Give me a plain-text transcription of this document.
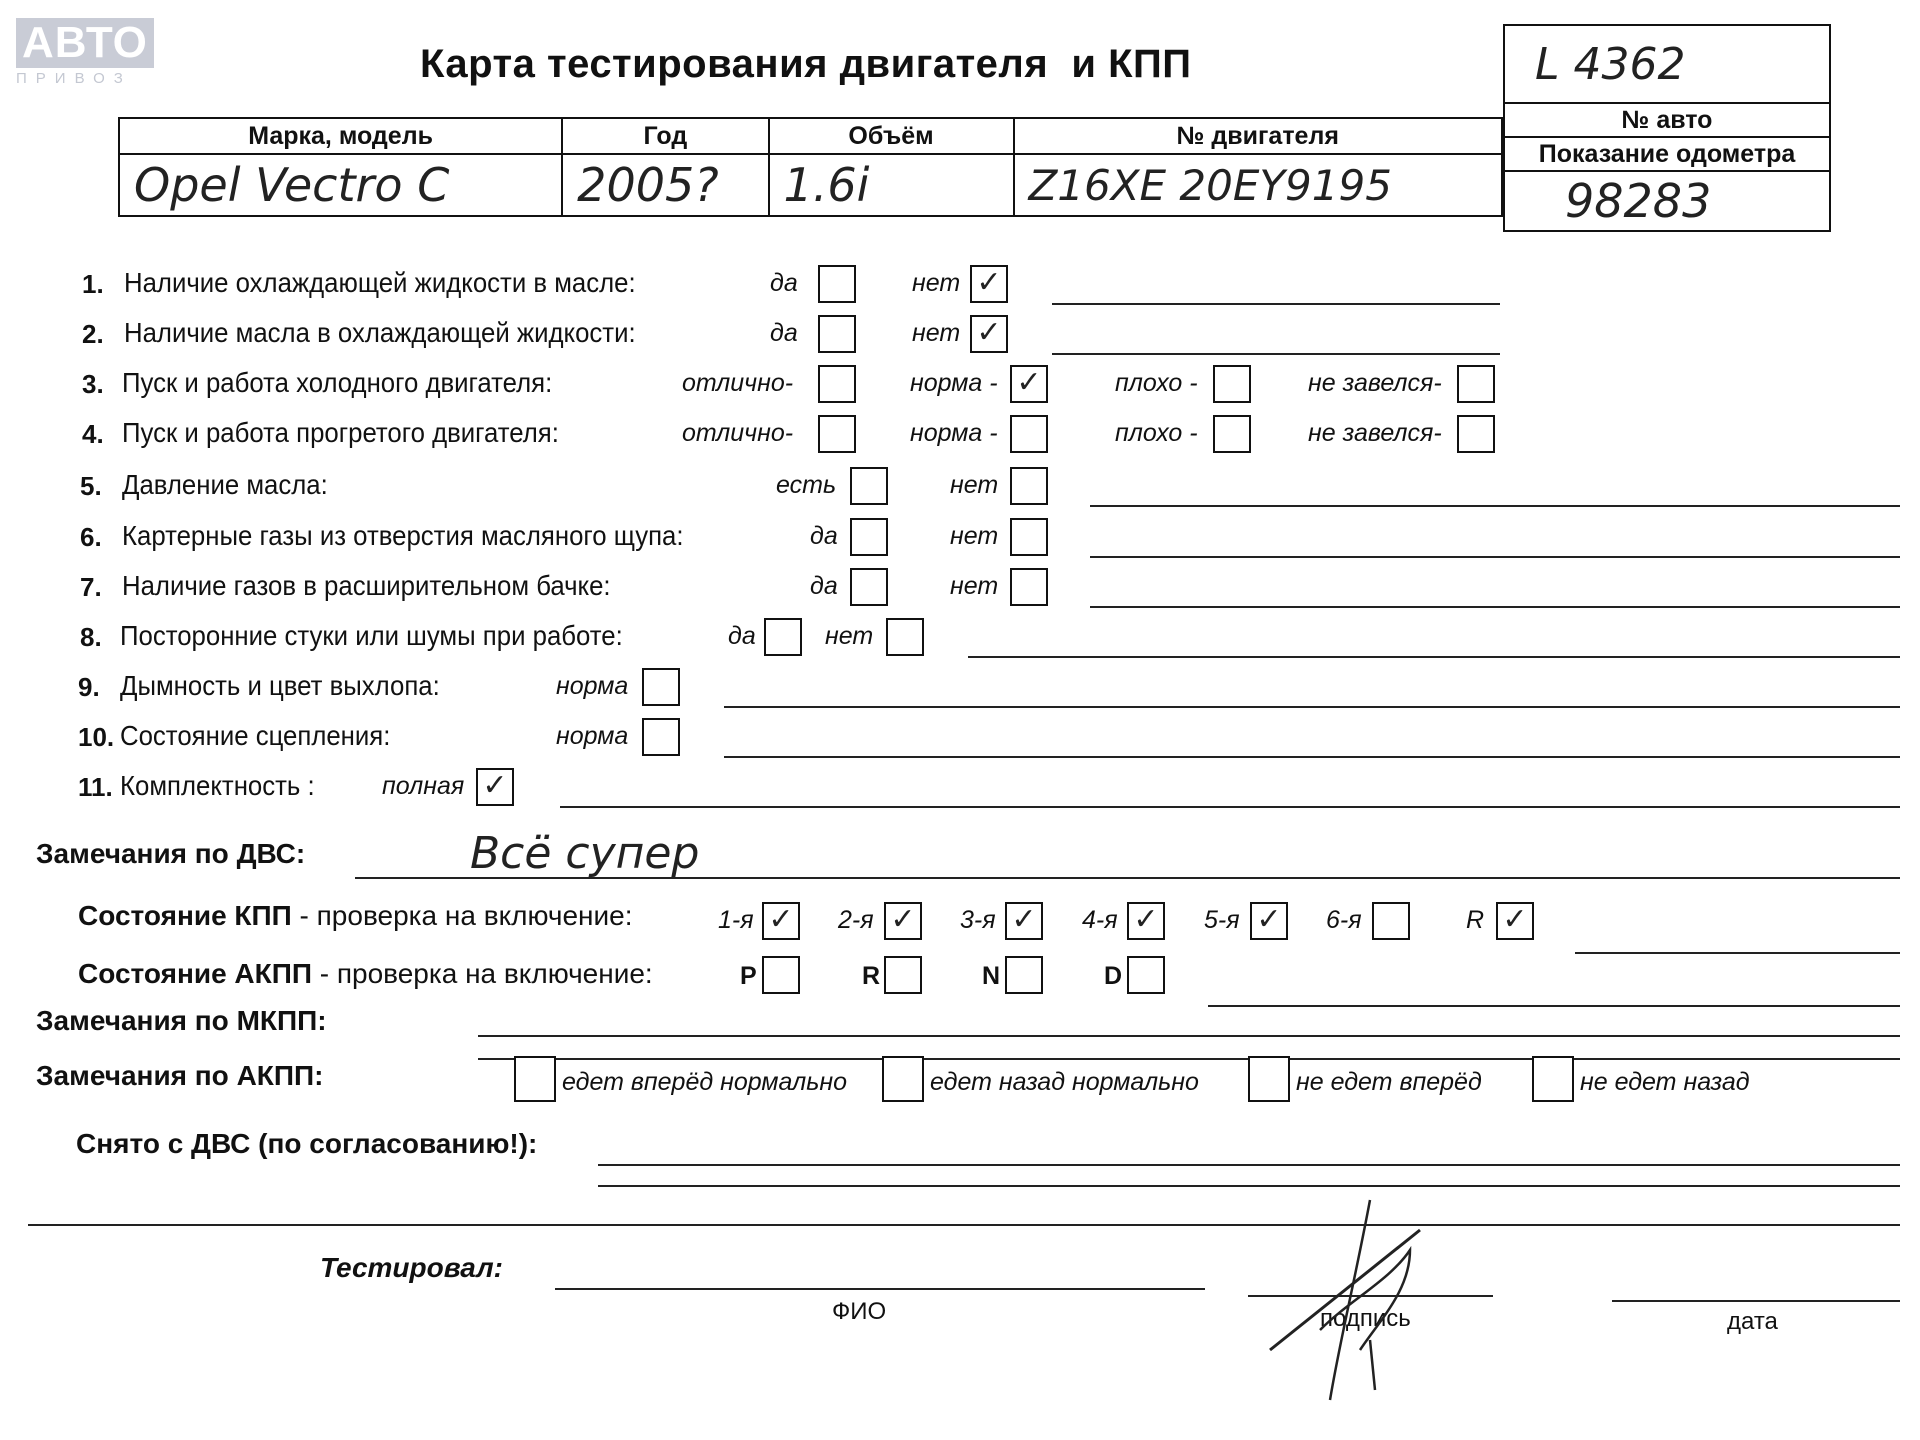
АВТО
ПРИВОЗ	Карта тестирования двигателя  и КПП
Марка, модель	Год	Объём	№ двигателя
Opel Vectro C	2005?	1.6i	Z16XE 20EY9195
L 4362
№ авто
Показание одометра
98283
1. Наличие охлаждающей жидкости в масле:	да	нет ✓
2. Наличие масла в охлаждающей жидкости:	да	нет ✓
3. Пуск и работа холодного двигателя:	отлично-	норма - ✓	плохо -	не завелся-
4. Пуск и работа прогретого двигателя:	отлично-	норма -	плохо -	не завелся-
5. Давление масла:	есть	нет
6. Картерные газы из отверстия масляного щупа:	да	нет
7. Наличие газов в расширительном бачке:	да	нет
8. Посторонние стуки или шумы при работе:	да	нет
9. Дымность и цвет выхлопа:	норма
10. Состояние сцепления:	норма
11. Комплектность :	полная ✓
Замечания по ДВС:	Всё супер
Состояние КПП - проверка на включение:	1-я ✓ 2-я ✓ 3-я ✓ 4-я ✓ 5-я ✓ 6-я	R ✓
Состояние АКПП - проверка на включение:	P	R	N	D
Замечания по МКПП:
Замечания по АКПП:	едет вперёд нормально	едет назад нормально	не едет вперёд	не едет назад
Снято с ДВС (по согласованию!):
Тестировал:
ФИО	подпись	дата
